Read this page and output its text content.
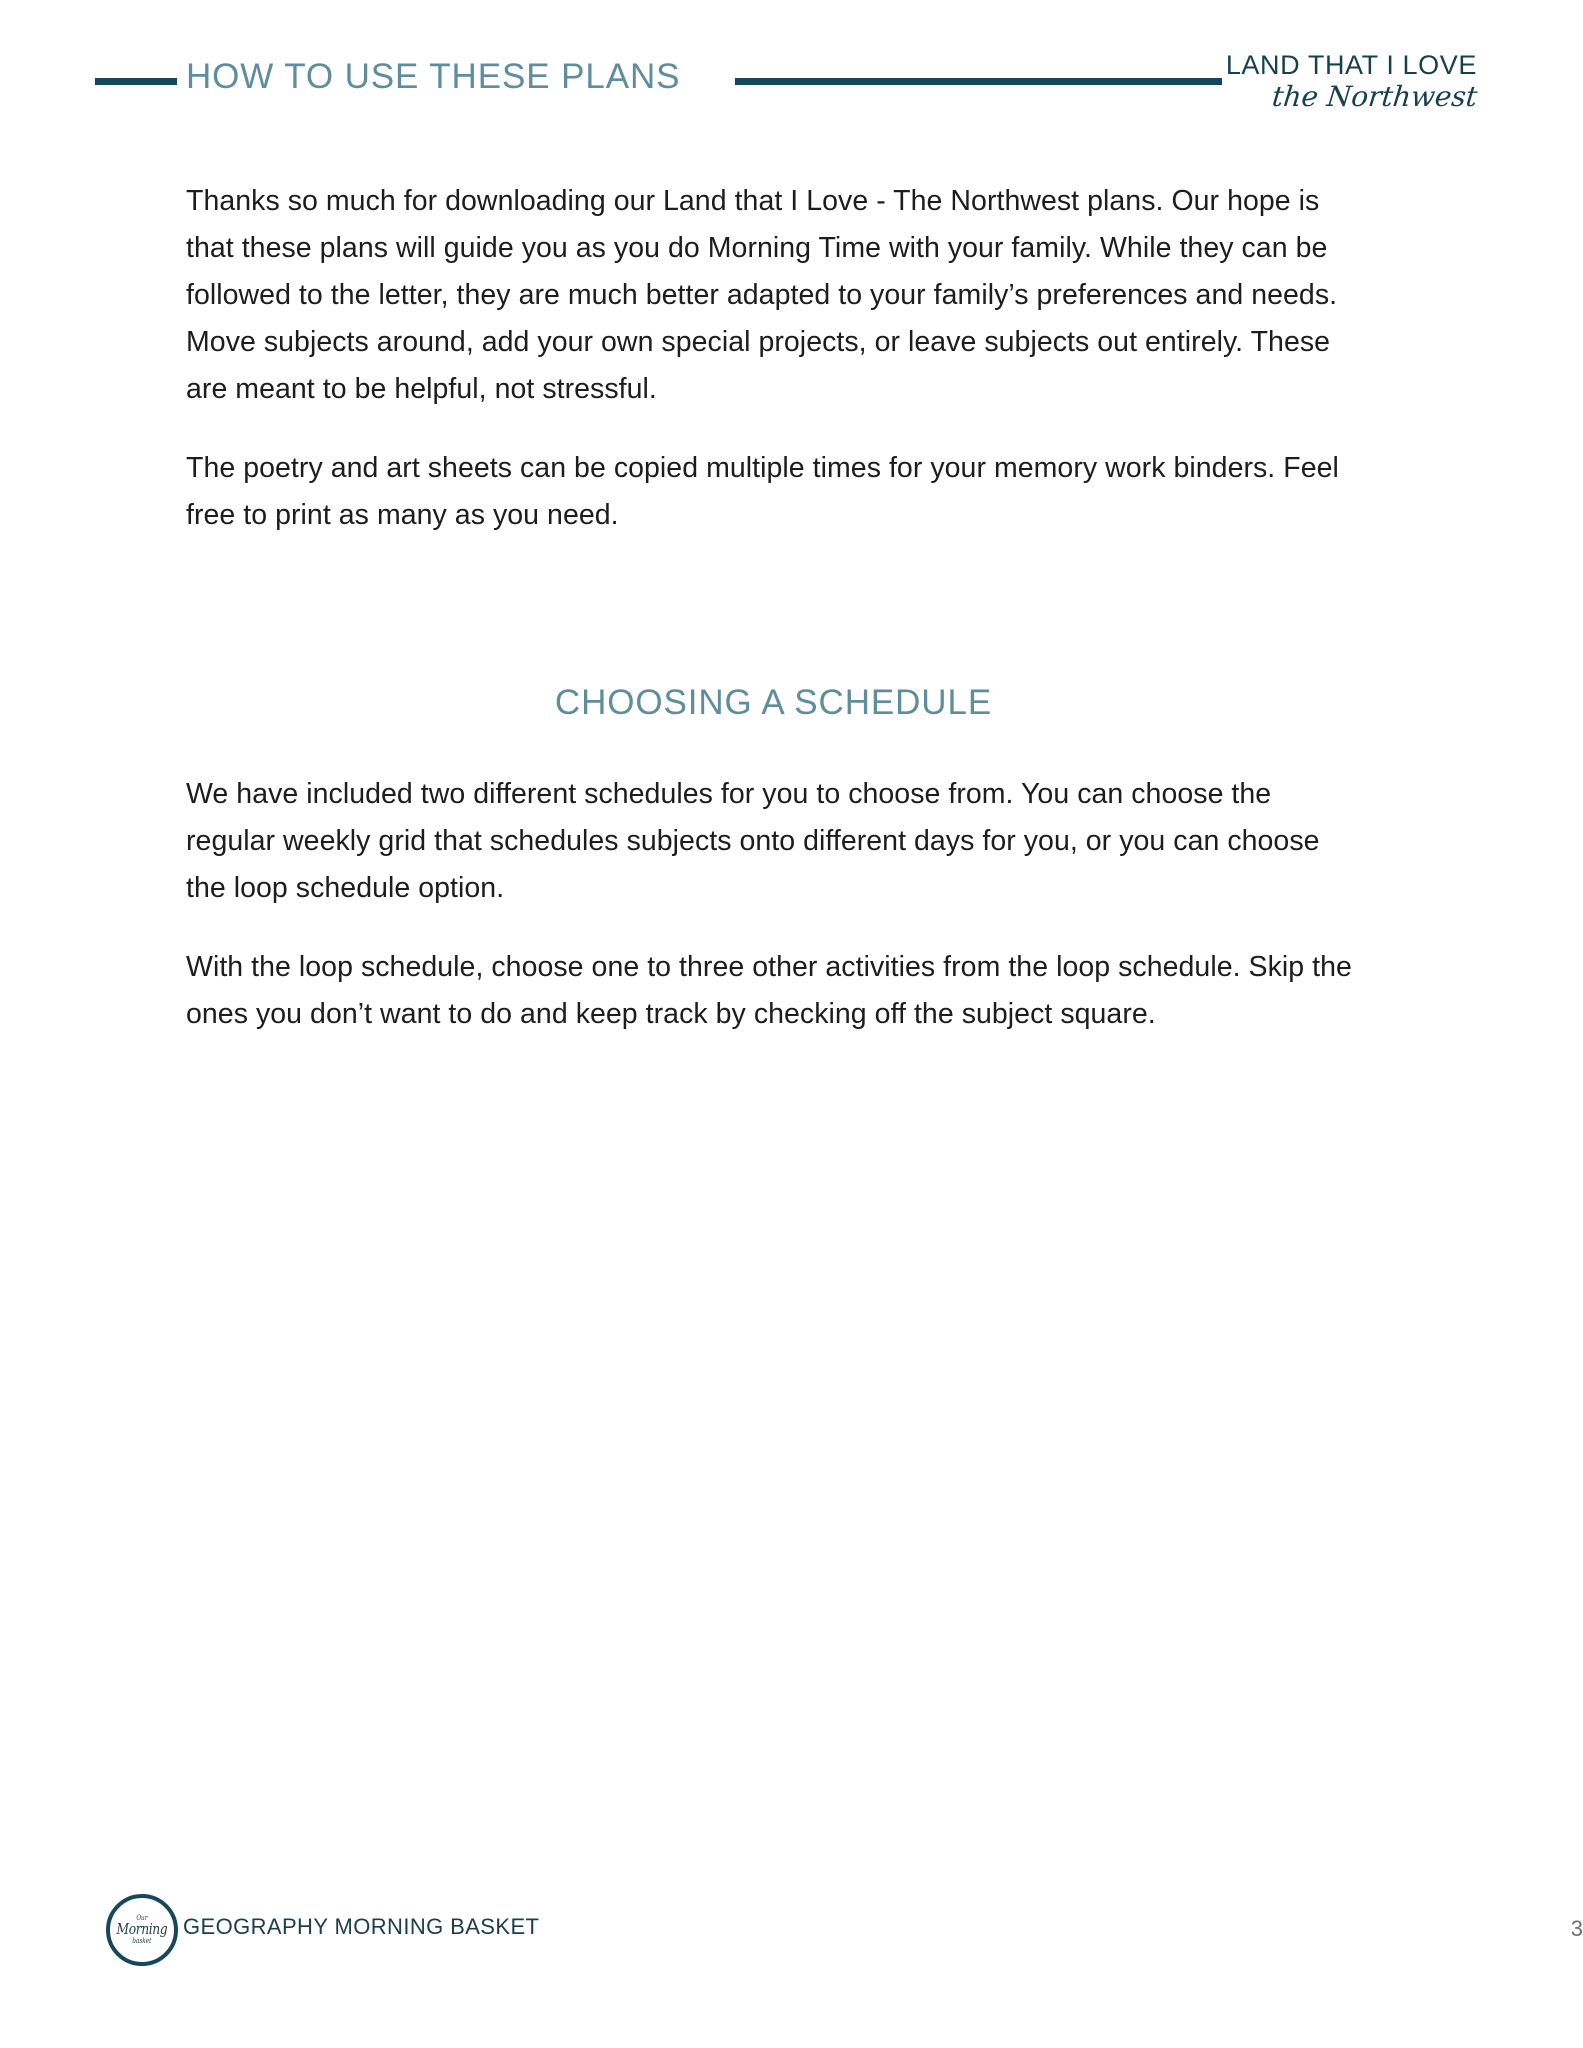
HOW TO USE THESE PLANS	LAND THAT I LOVE
the Northwest

Thanks so much for downloading our Land that I Love - The Northwest plans. Our hope is that these plans will guide you as you do Morning Time with your family. While they can be followed to the letter, they are much better adapted to your family’s preferences and needs. Move subjects around, add your own special projects, or leave subjects out entirely. These are meant to be helpful, not stressful.

The poetry and art sheets can be copied multiple times for your memory work binders. Feel free to print as many as you need.

CHOOSING A SCHEDULE

We have included two different schedules for you to choose from. You can choose the regular weekly grid that schedules subjects onto different days for you, or you can choose the loop schedule option.

With the loop schedule, choose one to three other activities from the loop schedule. Skip the ones you don’t want to do and keep track by checking off the subject square.

Our
Morning
basket
GEOGRAPHY MORNING BASKET	3
